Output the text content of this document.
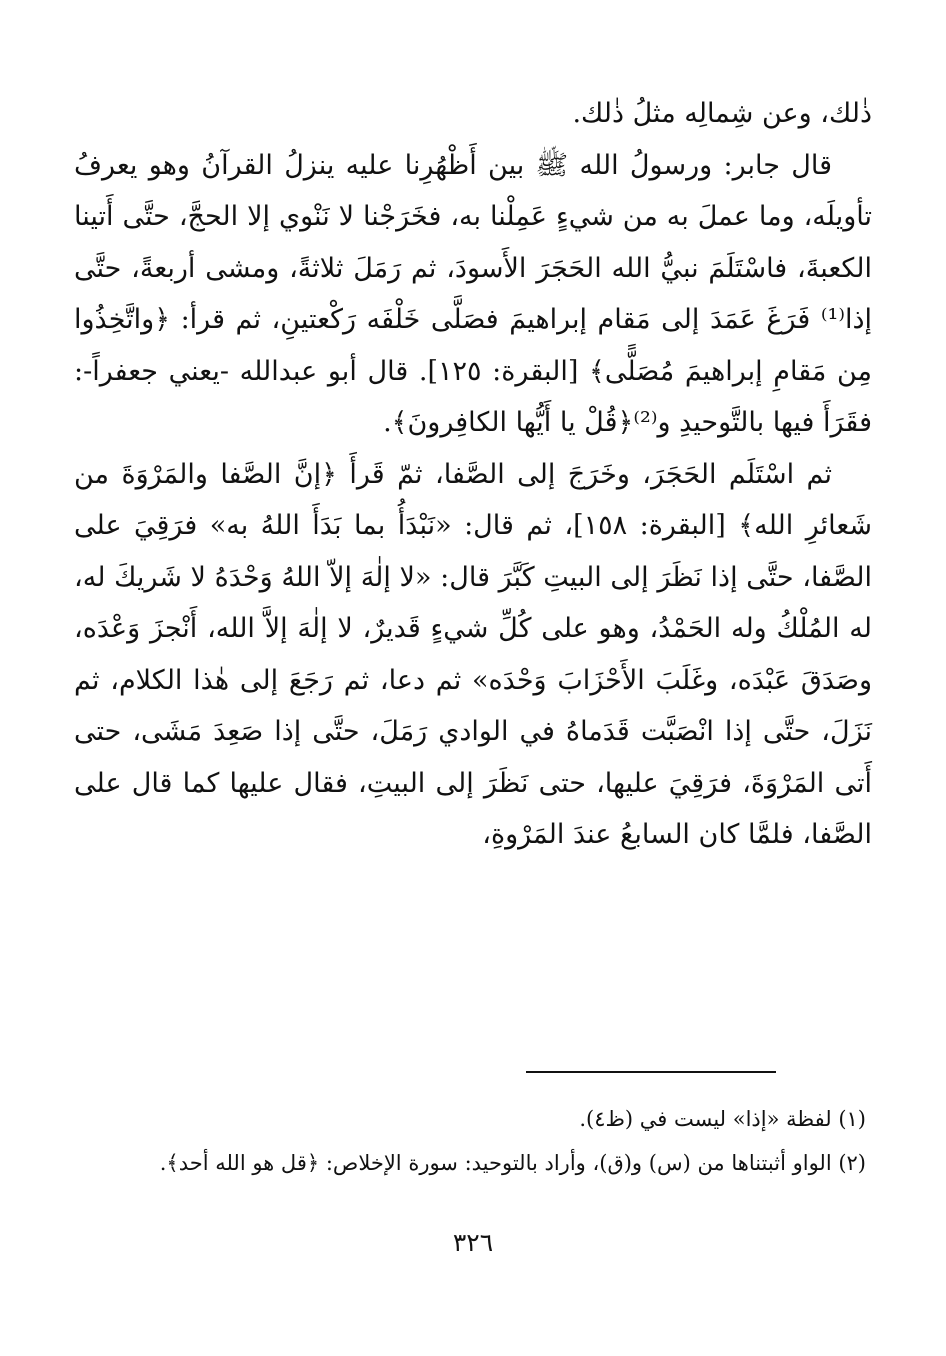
ذٰلك، وعن شِمالِه مثلُ ذٰلك.

قال جابر: ورسولُ الله ﷺ بين أَظْهُرِنا عليه ينزلُ القرآنُ وهو يعرفُ تأويلَه، وما عملَ به من شيءٍ عَمِلْنا به، فخَرَجْنا لا نَنْوي إلا الحجَّ، حتَّى أَتينا الكعبةَ، فاسْتَلَمَ نبيُّ الله الحَجَرَ الأَسودَ، ثم رَمَلَ ثلاثةً، ومشى أربعةً، حتَّى إذا⁽¹⁾ فَرَغَ عَمَدَ إلى مَقام إبراهيمَ فصَلَّى خَلْفَه رَكْعتينِ، ثم قرأ: ﴿واتَّخِذُوا مِن مَقامِ إبراهيمَ مُصَلًّى﴾ [البقرة: ١٢٥]. قال أبو عبدالله -يعني جعفراً-: فقَرَأَ فيها بالتَّوحيدِ و⁽²⁾﴿قُلْ يا أَيُّها الكافِرونَ﴾.

ثم اسْتَلَم الحَجَرَ، وخَرَجَ إلى الصَّفا، ثمّ قَرأَ ﴿إنَّ الصَّفا والمَرْوَةَ من شَعائرِ الله﴾ [البقرة: ١٥٨]، ثم قال: «نَبْدَأُ بما بَدَأَ اللهُ به» فرَقِيَ على الصَّفا، حتَّى إذا نَظَرَ إلى البيتِ كَبَّرَ قال: «لا إلٰهَ إلاّ اللهُ وَحْدَهُ لا شَريكَ له، له المُلْكُ وله الحَمْدُ، وهو على كُلِّ شيءٍ قَديرٌ، لا إلٰهَ إلاَّ الله، أَنْجزَ وَعْدَه، وصَدَقَ عَبْدَه، وغَلَبَ الأَحْزَابَ وَحْدَه» ثم دعا، ثم رَجَعَ إلى هٰذا الكلام، ثم نَزَلَ، حتَّى إذا انْصَبَّت قَدَماهُ في الوادي رَمَلَ، حتَّى إذا صَعِدَ مَشَى، حتى أَتى المَرْوَةَ، فرَقِيَ عليها، حتى نَظَرَ إلى البيتِ، فقال عليها كما قال على الصَّفا، فلمَّا كان السابعُ عندَ المَرْوةِ،

(١) لفظة «إذا» ليست في (ظ٤).

(٢) الواو أثبتناها من (س) و(ق)، وأراد بالتوحيد: سورة الإخلاص: ﴿قل هو الله أحد﴾.

٣٢٦
